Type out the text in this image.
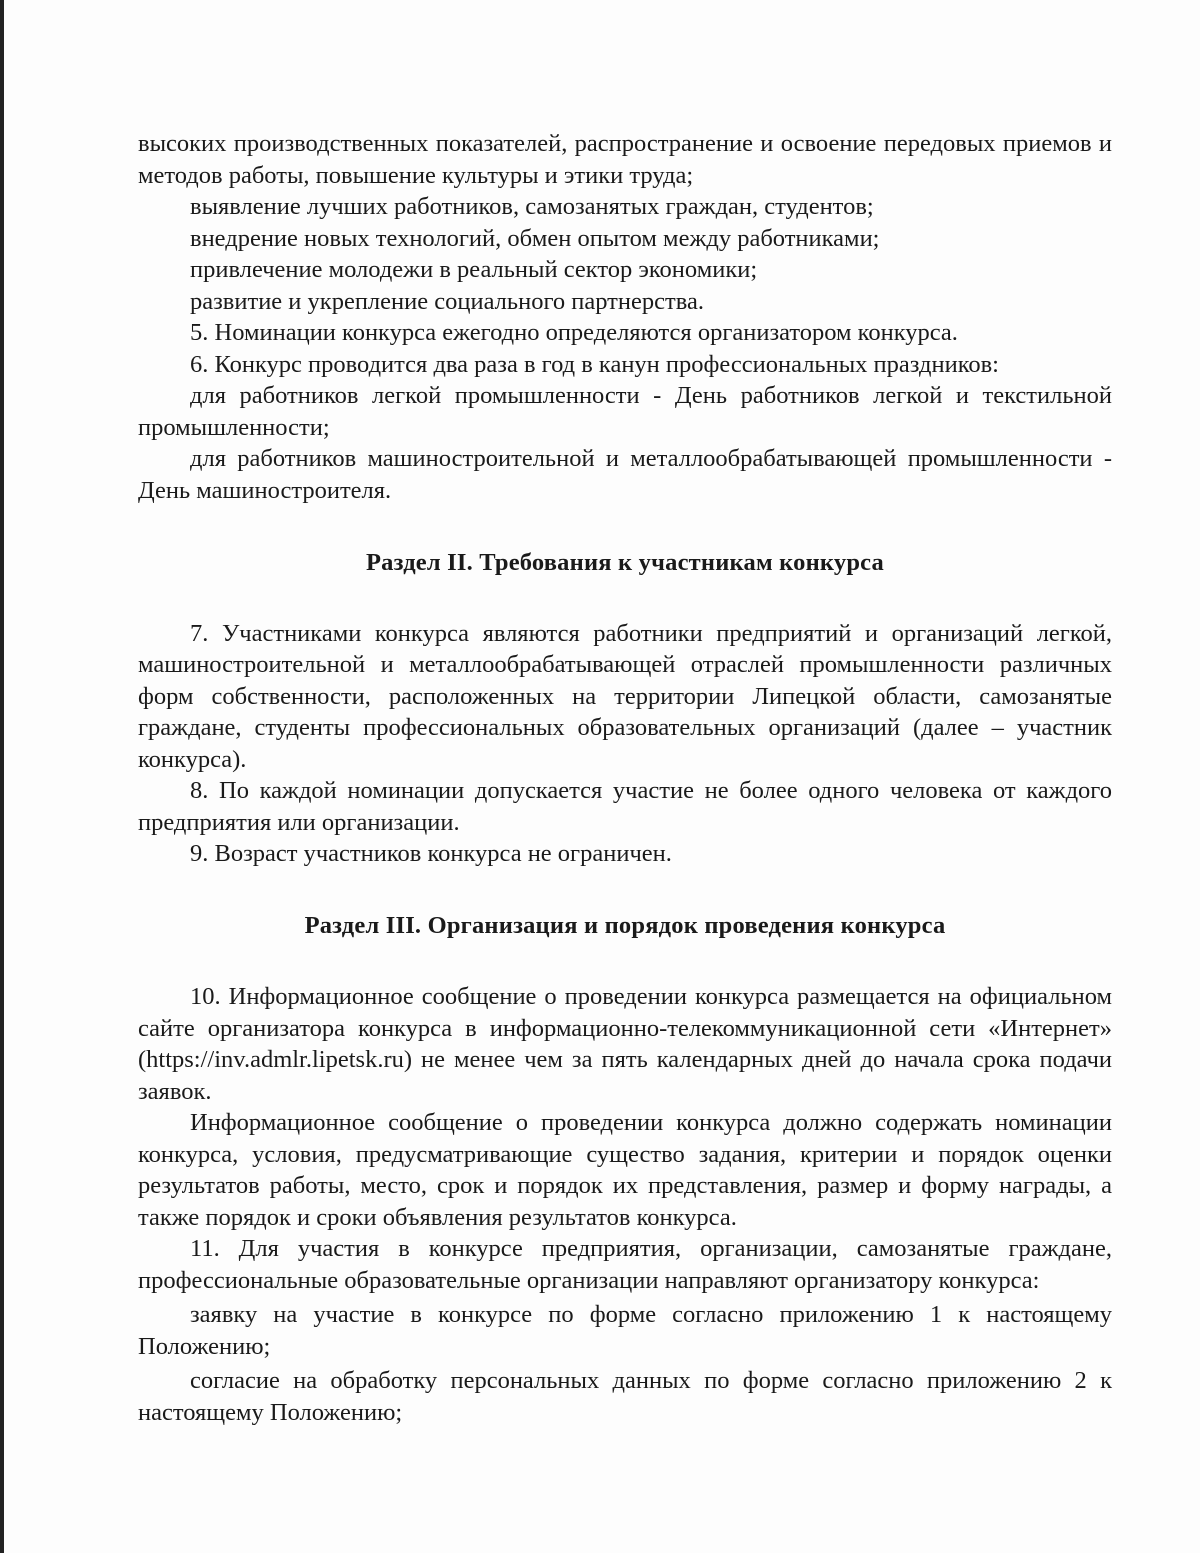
высоких производственных показателей, распространение и освоение передовых приемов и методов работы, повышение культуры и этики труда;

выявление лучших работников, самозанятых граждан, студентов;

внедрение новых технологий, обмен опытом между работниками;

привлечение молодежи в реальный сектор экономики;

развитие и укрепление социального партнерства.

5. Номинации конкурса ежегодно определяются организатором конкурса.

6. Конкурс проводится два раза в год в канун профессиональных праздников:

для работников легкой промышленности - День работников легкой и текстильной промышленности;

для работников машиностроительной и металлообрабатывающей промышленности - День машиностроителя.

Раздел II. Требования к участникам конкурса

7. Участниками конкурса являются работники предприятий и организаций легкой, машиностроительной и металлообрабатывающей отраслей промышленности различных форм собственности, расположенных на территории Липецкой области, самозанятые граждане, студенты профессиональных образовательных организаций (далее – участник конкурса).

8. По каждой номинации допускается участие не более одного человека от каждого предприятия или организации.

9. Возраст участников конкурса не ограничен.

Раздел III. Организация и порядок проведения конкурса

10. Информационное сообщение о проведении конкурса размещается на официальном сайте организатора конкурса в информационно-телекоммуникационной сети «Интернет» (https://inv.admlr.lipetsk.ru) не менее чем за пять календарных дней до начала срока подачи заявок.

Информационное сообщение о проведении конкурса должно содержать номинации конкурса, условия, предусматривающие существо задания, критерии и порядок оценки результатов работы, место, срок и порядок их представления, размер и форму награды, а также порядок и сроки объявления результатов конкурса.

11. Для участия в конкурсе предприятия, организации, самозанятые граждане, профессиональные образовательные организации направляют организатору конкурса:

заявку на участие в конкурсе по форме согласно приложению 1 к настоящему Положению;

согласие на обработку персональных данных по форме согласно приложению 2 к настоящему Положению;
